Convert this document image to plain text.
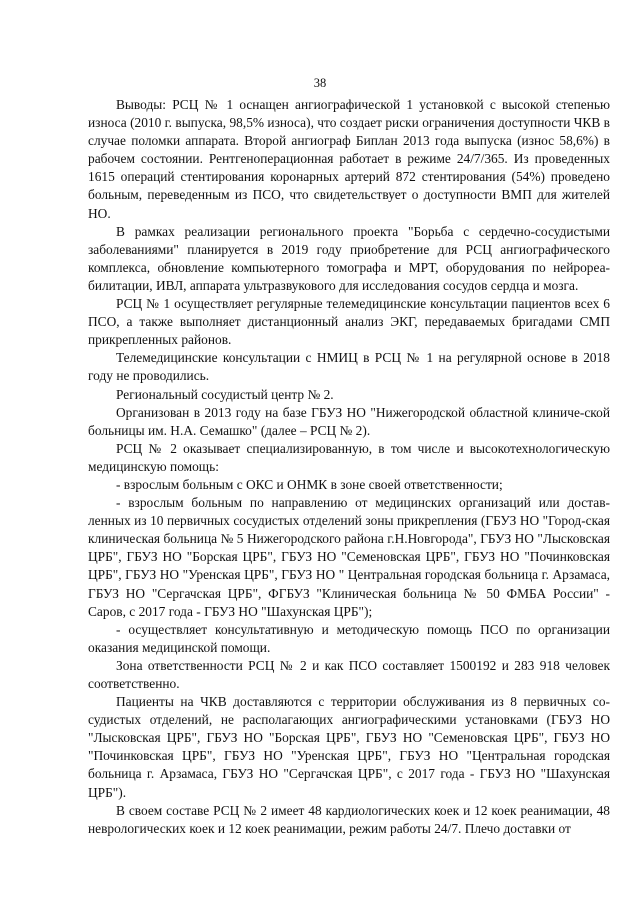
38

Выводы: РСЦ № 1 оснащен ангиографической 1 установкой с высокой степенью износа (2010 г. выпуска, 98,5% износа), что создает риски ограничения доступности ЧКВ в случае поломки аппарата. Второй ангиограф Биплан 2013 года выпуска (износ 58,6%) в рабочем состоянии. Рентгеноперационная работает в режиме 24/7/365. Из проведенных 1615 операций стентирования коронарных артерий 872 стентирования (54%) проведено больным, переведенным из ПСО, что свидетельствует о доступности ВМП для жителей НО.

В рамках реализации регионального проекта "Борьба с сердечно-сосудистыми заболеваниями" планируется в 2019 году приобретение для РСЦ ангиографического комплекса, обновление компьютерного томографа и МРТ, оборудования по нейрореа-билитации, ИВЛ, аппарата ультразвукового для исследования сосудов сердца и мозга.

РСЦ № 1 осуществляет регулярные телемедицинские консультации пациентов всех 6 ПСО, а также выполняет дистанционный анализ ЭКГ, передаваемых бригадами СМП прикрепленных районов.

Телемедицинские консультации с НМИЦ в РСЦ № 1 на регулярной основе в 2018 году не проводились.

Региональный сосудистый центр № 2.

Организован в 2013 году на базе ГБУЗ НО "Нижегородской областной клиниче-ской больницы им. Н.А. Семашко" (далее – РСЦ № 2).

РСЦ № 2 оказывает специализированную, в том числе и высокотехнологическую медицинскую помощь:

- взрослым больным с ОКС и ОНМК в зоне своей ответственности;

- взрослым больным по направлению от медицинских организаций или достав-ленных из 10 первичных сосудистых отделений зоны прикрепления (ГБУЗ НО "Город-ская клиническая больница № 5 Нижегородского района г.Н.Новгорода", ГБУЗ НО "Лысковская ЦРБ", ГБУЗ НО "Борская ЦРБ", ГБУЗ НО "Семеновская ЦРБ", ГБУЗ НО "Починковская ЦРБ", ГБУЗ НО "Уренская ЦРБ", ГБУЗ НО " Центральная городская больница г. Арзамаса, ГБУЗ НО "Сергачская ЦРБ", ФГБУЗ "Клиническая больница № 50 ФМБА России" - Саров, с 2017 года - ГБУЗ НО "Шахунская ЦРБ");

- осуществляет консультативную и методическую помощь ПСО по организации оказания медицинской помощи.

Зона ответственности РСЦ № 2 и как ПСО составляет 1500192 и 283 918 человек соответственно.

Пациенты на ЧКВ доставляются с территории обслуживания из 8 первичных со-судистых отделений, не располагающих ангиографическими установками (ГБУЗ НО "Лысковская ЦРБ", ГБУЗ НО "Борская ЦРБ", ГБУЗ НО "Семеновская ЦРБ", ГБУЗ НО "Починковская ЦРБ", ГБУЗ НО "Уренская ЦРБ", ГБУЗ НО "Центральная городская больница г. Арзамаса, ГБУЗ НО "Сергачская ЦРБ", с 2017 года - ГБУЗ НО "Шахунская ЦРБ").

В своем составе РСЦ № 2 имеет 48 кардиологических коек и 12 коек реанимации, 48 неврологических коек и 12 коек реанимации, режим работы 24/7. Плечо доставки от
